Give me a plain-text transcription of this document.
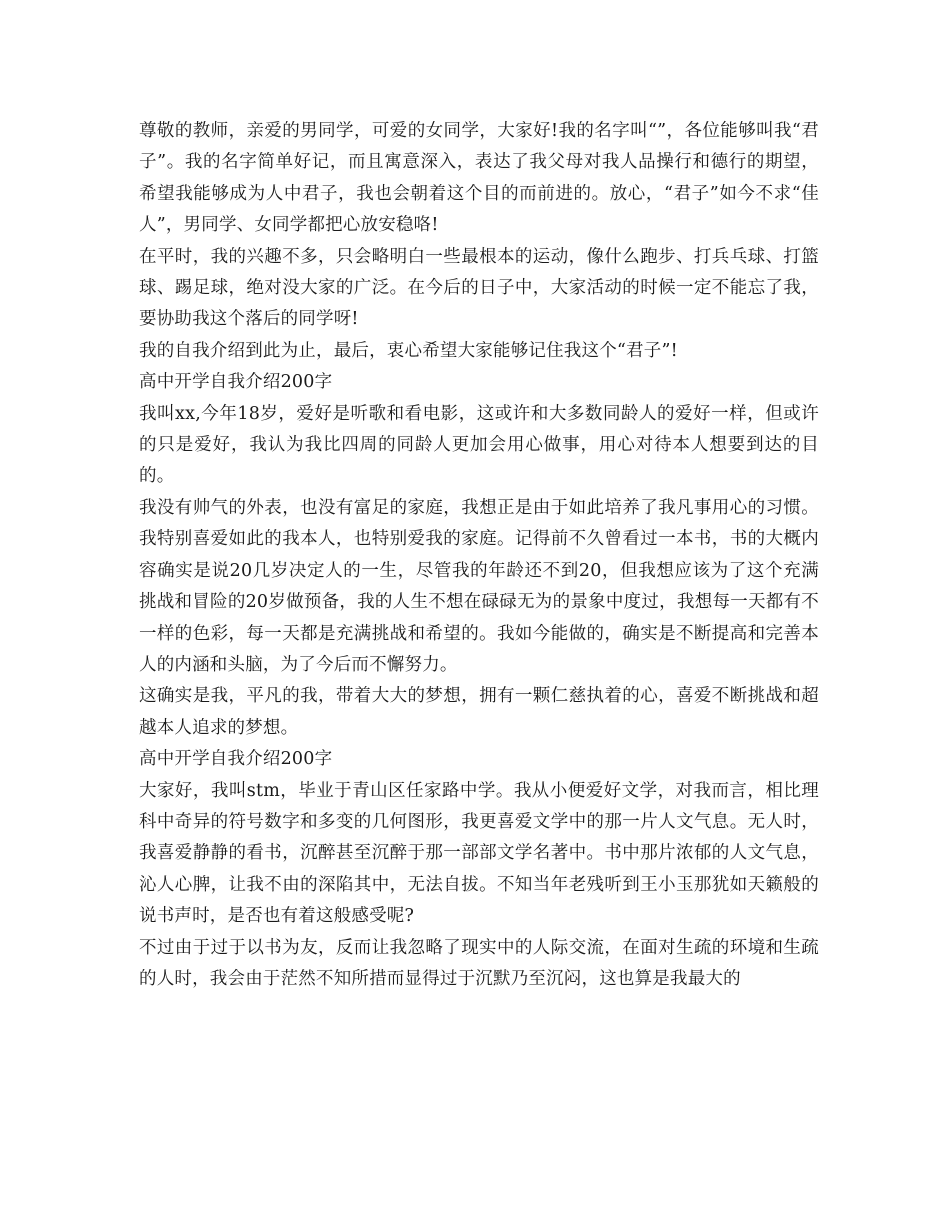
尊敬的教师，亲爱的男同学，可爱的女同学，大家好!我的名字叫“”，各位能够叫我“君子”。我的名字简单好记，而且寓意深入，表达了我父母对我人品操行和德行的期望，希望我能够成为人中君子，我也会朝着这个目的而前进的。放心，“君子”如今不求“佳人”，男同学、女同学都把心放安稳咯!

在平时，我的兴趣不多，只会略明白一些最根本的运动，像什么跑步、打兵乓球、打篮球、踢足球，绝对没大家的广泛。在今后的日子中，大家活动的时候一定不能忘了我，要协助我这个落后的同学呀!

我的自我介绍到此为止，最后，衷心希望大家能够记住我这个“君子”!

高中开学自我介绍200字

我叫xx,今年18岁，爱好是听歌和看电影，这或许和大多数同龄人的爱好一样，但或许的只是爱好，我认为我比四周的同龄人更加会用心做事，用心对待本人想要到达的目的。

我没有帅气的外表，也没有富足的家庭，我想正是由于如此培养了我凡事用心的习惯。我特别喜爱如此的我本人，也特别爱我的家庭。记得前不久曾看过一本书，书的大概内容确实是说20几岁决定人的一生，尽管我的年龄还不到20，但我想应该为了这个充满挑战和冒险的20岁做预备，我的人生不想在碌碌无为的景象中度过，我想每一天都有不一样的色彩，每一天都是充满挑战和希望的。我如今能做的，确实是不断提高和完善本人的内涵和头脑，为了今后而不懈努力。

这确实是我，平凡的我，带着大大的梦想，拥有一颗仁慈执着的心，喜爱不断挑战和超越本人追求的梦想。

高中开学自我介绍200字

大家好，我叫stm，毕业于青山区任家路中学。我从小便爱好文学，对我而言，相比理科中奇异的符号数字和多变的几何图形，我更喜爱文学中的那一片人文气息。无人时，我喜爱静静的看书，沉醉甚至沉醉于那一部部文学名著中。书中那片浓郁的人文气息，沁人心脾，让我不由的深陷其中，无法自拔。不知当年老残听到王小玉那犹如天籁般的说书声时，是否也有着这般感受呢?

不过由于过于以书为友，反而让我忽略了现实中的人际交流，在面对生疏的环境和生疏的人时，我会由于茫然不知所措而显得过于沉默乃至沉闷，这也算是我最大的
